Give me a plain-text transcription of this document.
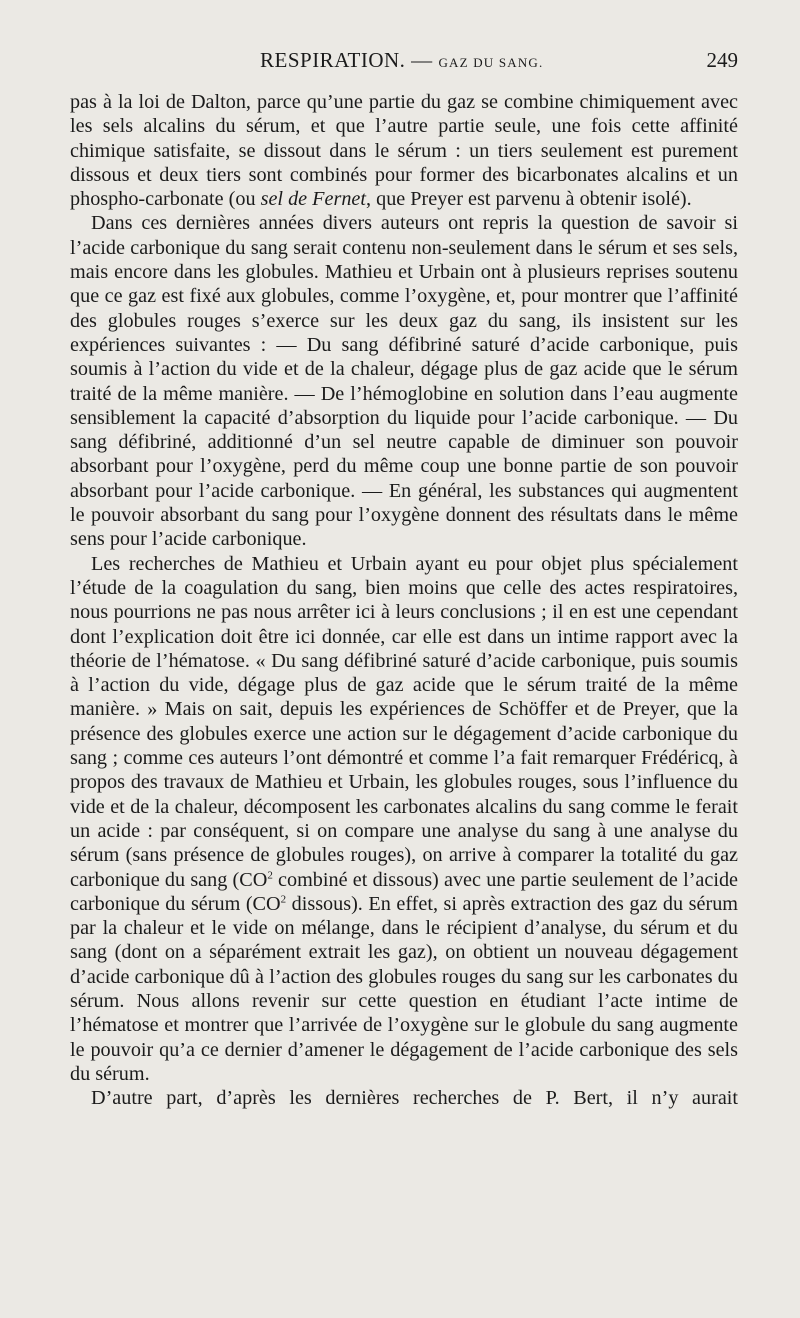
RESPIRATION. — GAZ DU SANG.	249

pas à la loi de Dalton, parce qu’une partie du gaz se combine chimiquement avec les sels alcalins du sérum, et que l’autre partie seule, une fois cette affinité chimique satisfaite, se dissout dans le sérum : un tiers seulement est purement dissous et deux tiers sont combinés pour former des bicarbonates alcalins et un phospho-carbonate (ou sel de Fernet, que Preyer est parvenu à obtenir isolé).

Dans ces dernières années divers auteurs ont repris la question de savoir si l’acide carbonique du sang serait contenu non-seulement dans le sérum et ses sels, mais encore dans les globules. Mathieu et Urbain ont à plusieurs reprises soutenu que ce gaz est fixé aux globules, comme l’oxygène, et, pour montrer que l’affinité des globules rouges s’exerce sur les deux gaz du sang, ils insistent sur les expériences suivantes : — Du sang défibriné saturé d’acide carbonique, puis soumis à l’action du vide et de la chaleur, dégage plus de gaz acide que le sérum traité de la même manière. — De l’hémoglobine en solution dans l’eau augmente sensiblement la capacité d’absorption du liquide pour l’acide carbonique. — Du sang défibriné, additionné d’un sel neutre capable de diminuer son pouvoir absorbant pour l’oxygène, perd du même coup une bonne partie de son pouvoir absorbant pour l’acide carbonique. — En général, les substances qui augmentent le pouvoir absorbant du sang pour l’oxygène donnent des résultats dans le même sens pour l’acide carbonique.

Les recherches de Mathieu et Urbain ayant eu pour objet plus spécialement l’étude de la coagulation du sang, bien moins que celle des actes respiratoires, nous pourrions ne pas nous arrêter ici à leurs conclusions ; il en est une cependant dont l’explication doit être ici donnée, car elle est dans un intime rapport avec la théorie de l’hématose. « Du sang défibriné saturé d’acide carbonique, puis soumis à l’action du vide, dégage plus de gaz acide que le sérum traité de la même manière. » Mais on sait, depuis les expériences de Schöffer et de Preyer, que la présence des globules exerce une action sur le dégagement d’acide carbonique du sang ; comme ces auteurs l’ont démontré et comme l’a fait remarquer Frédéricq, à propos des travaux de Mathieu et Urbain, les globules rouges, sous l’influence du vide et de la chaleur, décomposent les carbonates alcalins du sang comme le ferait un acide : par conséquent, si on compare une analyse du sang à une analyse du sérum (sans présence de globules rouges), on arrive à comparer la totalité du gaz carbonique du sang ($CO^2$ combiné et dissous) avec une partie seulement de l’acide carbonique du sérum ($CO^2$ dissous). En effet, si après extraction des gaz du sérum par la chaleur et le vide on mélange, dans le récipient d’analyse, du sérum et du sang (dont on a séparément extrait les gaz), on obtient un nouveau dégagement d’acide carbonique dû à l’action des globules rouges du sang sur les carbonates du sérum. Nous allons revenir sur cette question en étudiant l’acte intime de l’hématose et montrer que l’arrivée de l’oxygène sur le globule du sang augmente le pouvoir qu’a ce dernier d’amener le dégagement de l’acide carbonique des sels du sérum.

D’autre part, d’après les dernières recherches de P. Bert, il n’y aurait
